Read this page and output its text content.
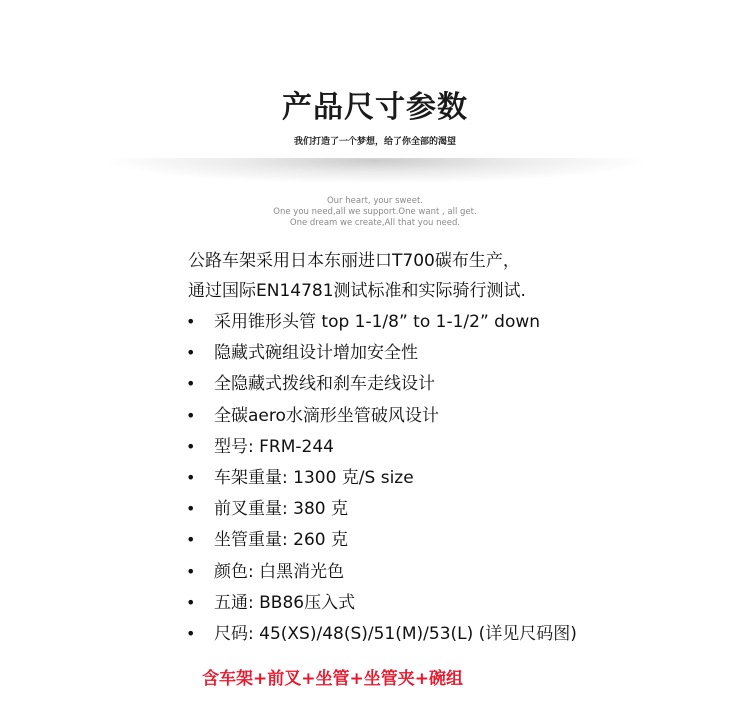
产品尺寸参数
我们打造了一个梦想，给了你全部的渴望
Our heart, your sweet.
One you need,all we support.One want , all get.
One dream we create,All that you need.
公路车架采用日本东丽进口T700碳布生产，
通过国际EN14781测试标准和实际骑行测试.
• 采用锥形头管 top 1-1/8” to 1-1/2” down
• 隐藏式碗组设计增加安全性
• 全隐藏式拨线和刹车走线设计
• 全碳aero水滴形坐管破风设计
• 型号: FRM-244
• 车架重量: 1300 克/S size
• 前叉重量: 380 克
• 坐管重量: 260 克
• 颜色: 白黑消光色
• 五通: BB86压入式
• 尺码: 45(XS)/48(S)/51(M)/53(L) (详见尺码图)
含车架+前叉+坐管+坐管夹+碗组
